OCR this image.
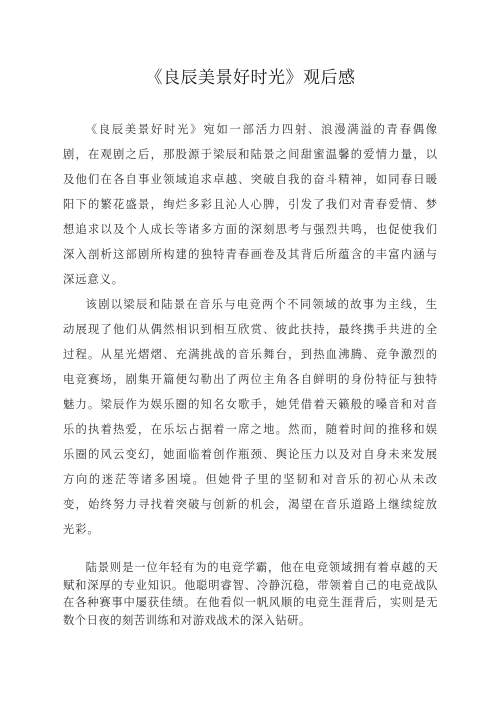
《良辰美景好时光》观后感

《良辰美景好时光》宛如一部活力四射、浪漫满溢的青春偶像剧，在观剧之后，那股源于梁辰和陆景之间甜蜜温馨的爱情力量，以及他们在各自事业领域追求卓越、突破自我的奋斗精神，如同春日暖阳下的繁花盛景，绚烂多彩且沁人心脾，引发了我们对青春爱情、梦想追求以及个人成长等诸多方面的深刻思考与强烈共鸣，也促使我们深入剖析这部剧所构建的独特青春画卷及其背后所蕴含的丰富内涵与深远意义。

该剧以梁辰和陆景在音乐与电竞两个不同领域的故事为主线，生动展现了他们从偶然相识到相互欣赏、彼此扶持，最终携手共进的全过程。从星光熠熠、充满挑战的音乐舞台，到热血沸腾、竞争激烈的电竞赛场，剧集开篇便勾勒出了两位主角各自鲜明的身份特征与独特魅力。梁辰作为娱乐圈的知名女歌手，她凭借着天籁般的嗓音和对音乐的执着热爱，在乐坛占据着一席之地。然而，随着时间的推移和娱乐圈的风云变幻，她面临着创作瓶颈、舆论压力以及对自身未来发展方向的迷茫等诸多困境。但她骨子里的坚韧和对音乐的初心从未改变，始终努力寻找着突破与创新的机会，渴望在音乐道路上继续绽放光彩。

陆景则是一位年轻有为的电竞学霸，他在电竞领域拥有着卓越的天赋和深厚的专业知识。他聪明睿智、冷静沉稳，带领着自己的电竞战队在各种赛事中屡获佳绩。在他看似一帆风顺的电竞生涯背后，实则是无数个日夜的刻苦训练和对游戏战术的深入钻研。
